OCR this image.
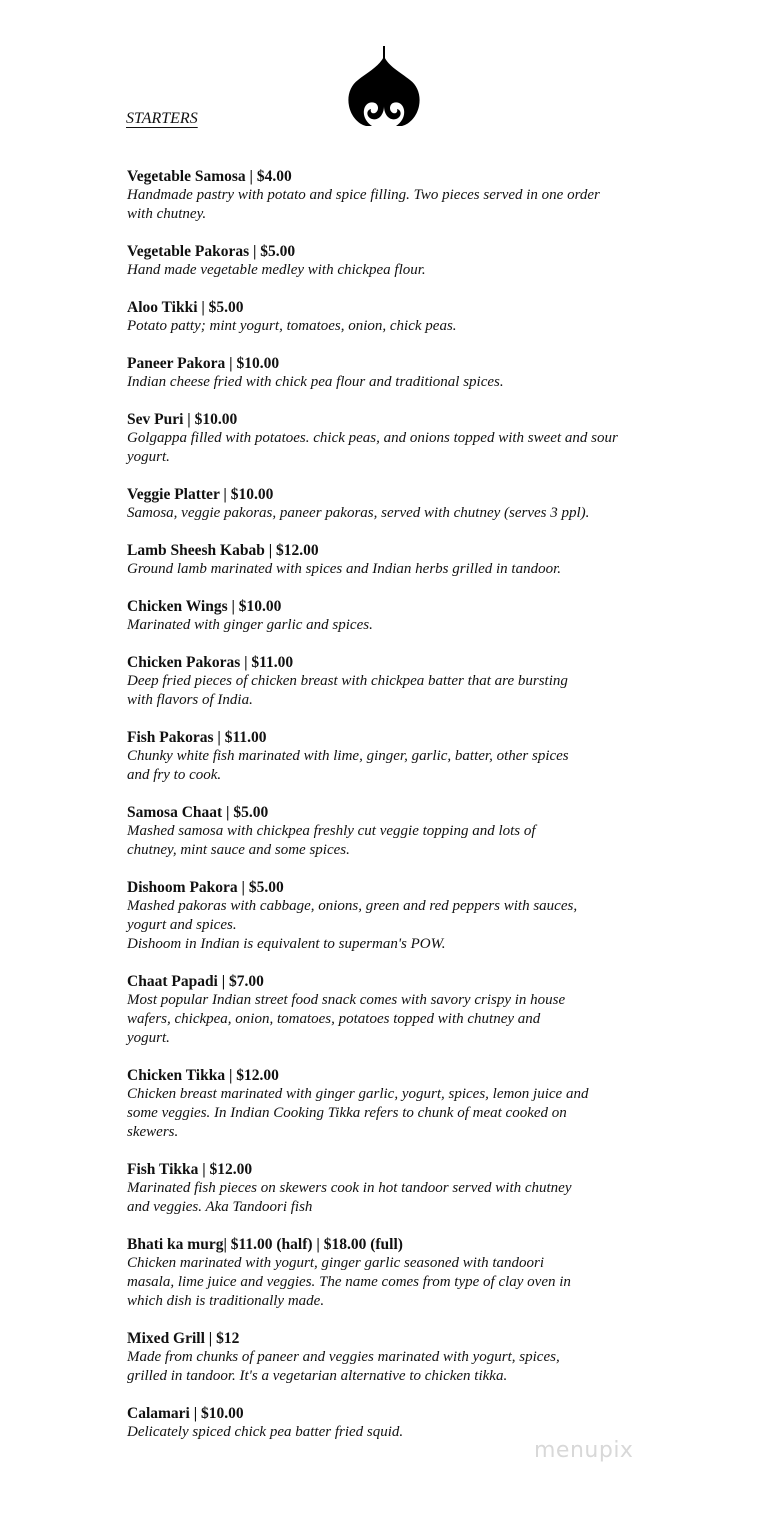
STARTERS
Vegetable Samosa | $4.00
Handmade pastry with potato and spice filling. Two pieces served in one order
with chutney.
Vegetable Pakoras | $5.00
Hand made vegetable medley with chickpea flour.
Aloo Tikki | $5.00
Potato patty; mint yogurt, tomatoes, onion, chick peas.
Paneer Pakora | $10.00
Indian cheese fried with chick pea flour and traditional spices.
Sev Puri | $10.00
Golgappa filled with potatoes. chick peas, and onions topped with sweet and sour
yogurt.
Veggie Platter | $10.00
Samosa, veggie pakoras, paneer pakoras, served with chutney (serves 3 ppl).
Lamb Sheesh Kabab | $12.00
Ground lamb marinated with spices and Indian herbs grilled in tandoor.
Chicken Wings | $10.00
Marinated with ginger garlic and spices.
Chicken Pakoras | $11.00
Deep fried pieces of chicken breast with chickpea batter that are bursting
with flavors of India.
Fish Pakoras | $11.00
Chunky white fish marinated with lime, ginger, garlic, batter, other spices
and fry to cook.
Samosa Chaat | $5.00
Mashed samosa with chickpea freshly cut veggie topping and lots of
chutney, mint sauce and some spices.
Dishoom Pakora | $5.00
Mashed pakoras with cabbage, onions, green and red peppers with sauces,
yogurt and spices.
Dishoom in Indian is equivalent to superman's POW.
Chaat Papadi | $7.00
Most popular Indian street food snack comes with savory crispy in house
wafers, chickpea, onion, tomatoes, potatoes topped with chutney and
yogurt.
Chicken Tikka | $12.00
Chicken breast marinated with ginger garlic, yogurt, spices, lemon juice and
some veggies. In Indian Cooking Tikka refers to chunk of meat cooked on
skewers.
Fish Tikka | $12.00
Marinated fish pieces on skewers cook in hot tandoor served with chutney
and veggies. Aka Tandoori fish
Bhati ka murg| $11.00 (half) | $18.00 (full)
Chicken marinated with yogurt, ginger garlic seasoned with tandoori
masala, lime juice and veggies. The name comes from type of clay oven in
which dish is traditionally made.
Mixed Grill | $12
Made from chunks of paneer and veggies marinated with yogurt, spices,
grilled in tandoor. It's a vegetarian alternative to chicken tikka.
Calamari | $10.00
Delicately spiced chick pea batter fried squid.
menupix
